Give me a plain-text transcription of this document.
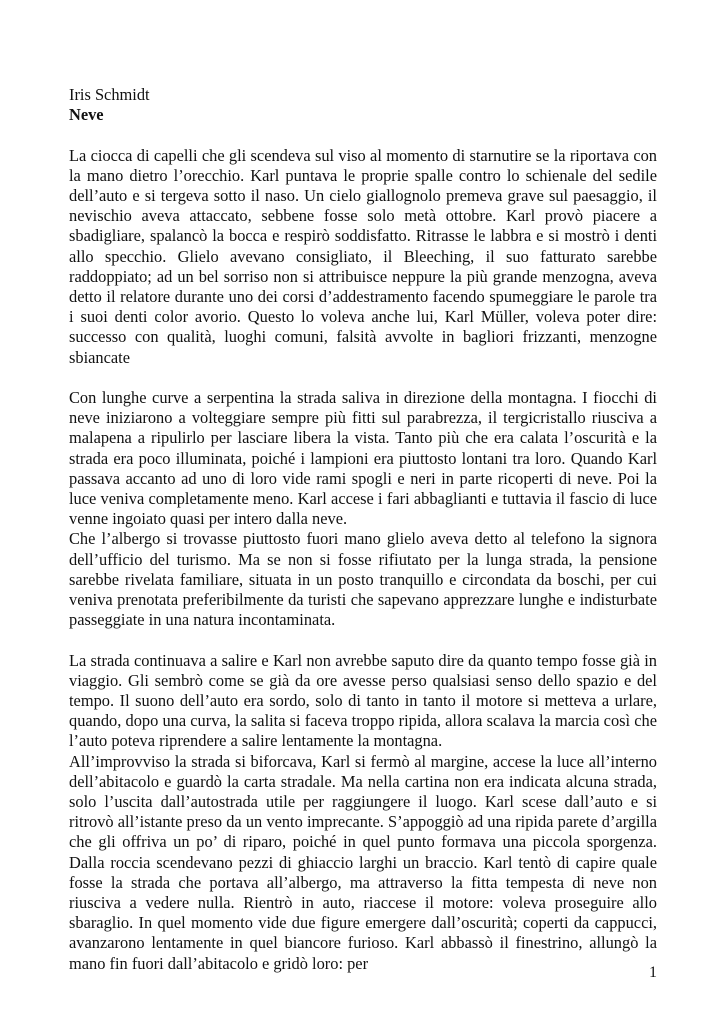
Iris Schmidt

Neve

La ciocca di capelli che gli scendeva sul viso al momento di starnutire se la riportava con la mano dietro l’orecchio. Karl puntava le proprie spalle contro lo schienale del sedile dell’auto e si tergeva sotto il naso. Un cielo giallognolo premeva grave sul paesaggio, il nevischio aveva attaccato, sebbene fosse solo metà ottobre. Karl provò piacere a sbadigliare, spalancò la bocca e respirò soddisfatto. Ritrasse le labbra e si mostrò i denti allo specchio. Glielo avevano consigliato, il Bleeching, il suo fatturato sarebbe raddoppiato; ad un bel sorriso non si attribuisce neppure la più grande menzogna, aveva detto il relatore durante uno dei corsi d’addestramento facendo spumeggiare le parole tra i suoi denti color avorio. Questo lo voleva anche lui, Karl Müller, voleva poter dire: successo con qualità, luoghi comuni, falsità avvolte in bagliori frizzanti, menzogne sbiancate

Con lunghe curve a serpentina la strada saliva in direzione della montagna. I fiocchi di neve iniziarono a volteggiare sempre più fitti sul parabrezza, il tergicristallo riusciva a malapena a ripulirlo per lasciare libera la vista. Tanto più che era calata l’oscurità e la strada era poco illuminata, poiché i lampioni era piuttosto lontani tra loro. Quando Karl passava accanto ad uno di loro vide rami spogli e neri in parte ricoperti di neve. Poi la luce veniva completamente meno. Karl accese i fari abbaglianti e tuttavia il fascio di luce venne ingoiato quasi per intero dalla neve.

Che l’albergo si trovasse piuttosto fuori mano glielo aveva detto al telefono la signora dell’ufficio del turismo. Ma se non si fosse rifiutato per la lunga strada, la pensione sarebbe rivelata familiare, situata in un posto tranquillo e circondata da boschi, per cui veniva prenotata preferibilmente da turisti che sapevano apprezzare lunghe e indisturbate passeggiate in una natura incontaminata.

La strada continuava a salire e Karl non avrebbe saputo dire da quanto tempo fosse già in viaggio. Gli sembrò come se già da ore avesse perso qualsiasi senso dello spazio e del tempo. Il suono dell’auto era sordo, solo di tanto in tanto il motore si metteva a urlare, quando, dopo una curva, la salita si faceva troppo ripida, allora scalava la marcia così che l’auto poteva riprendere a salire lentamente la montagna.

All’improvviso la strada si biforcava, Karl si fermò al margine, accese la luce all’interno dell’abitacolo e guardò la carta stradale. Ma nella cartina non era indicata alcuna strada, solo l’uscita dall’autostrada utile per raggiungere il luogo. Karl scese dall’auto e si ritrovò all’istante preso da un vento imprecante. S’appoggiò ad una ripida parete d’argilla che gli offriva un po’ di riparo, poiché in quel punto formava una piccola sporgenza. Dalla roccia scendevano pezzi di ghiaccio larghi un braccio. Karl tentò di capire quale fosse la strada che portava all’albergo, ma attraverso la fitta tempesta di neve non riusciva a vedere nulla. Rientrò in auto, riaccese il motore: voleva proseguire allo sbaraglio. In quel momento vide due figure emergere dall’oscurità; coperti da cappucci, avanzarono lentamente in quel biancore furioso. Karl abbassò il finestrino, allungò la mano fin fuori dall’abitacolo e gridò loro: per	1
